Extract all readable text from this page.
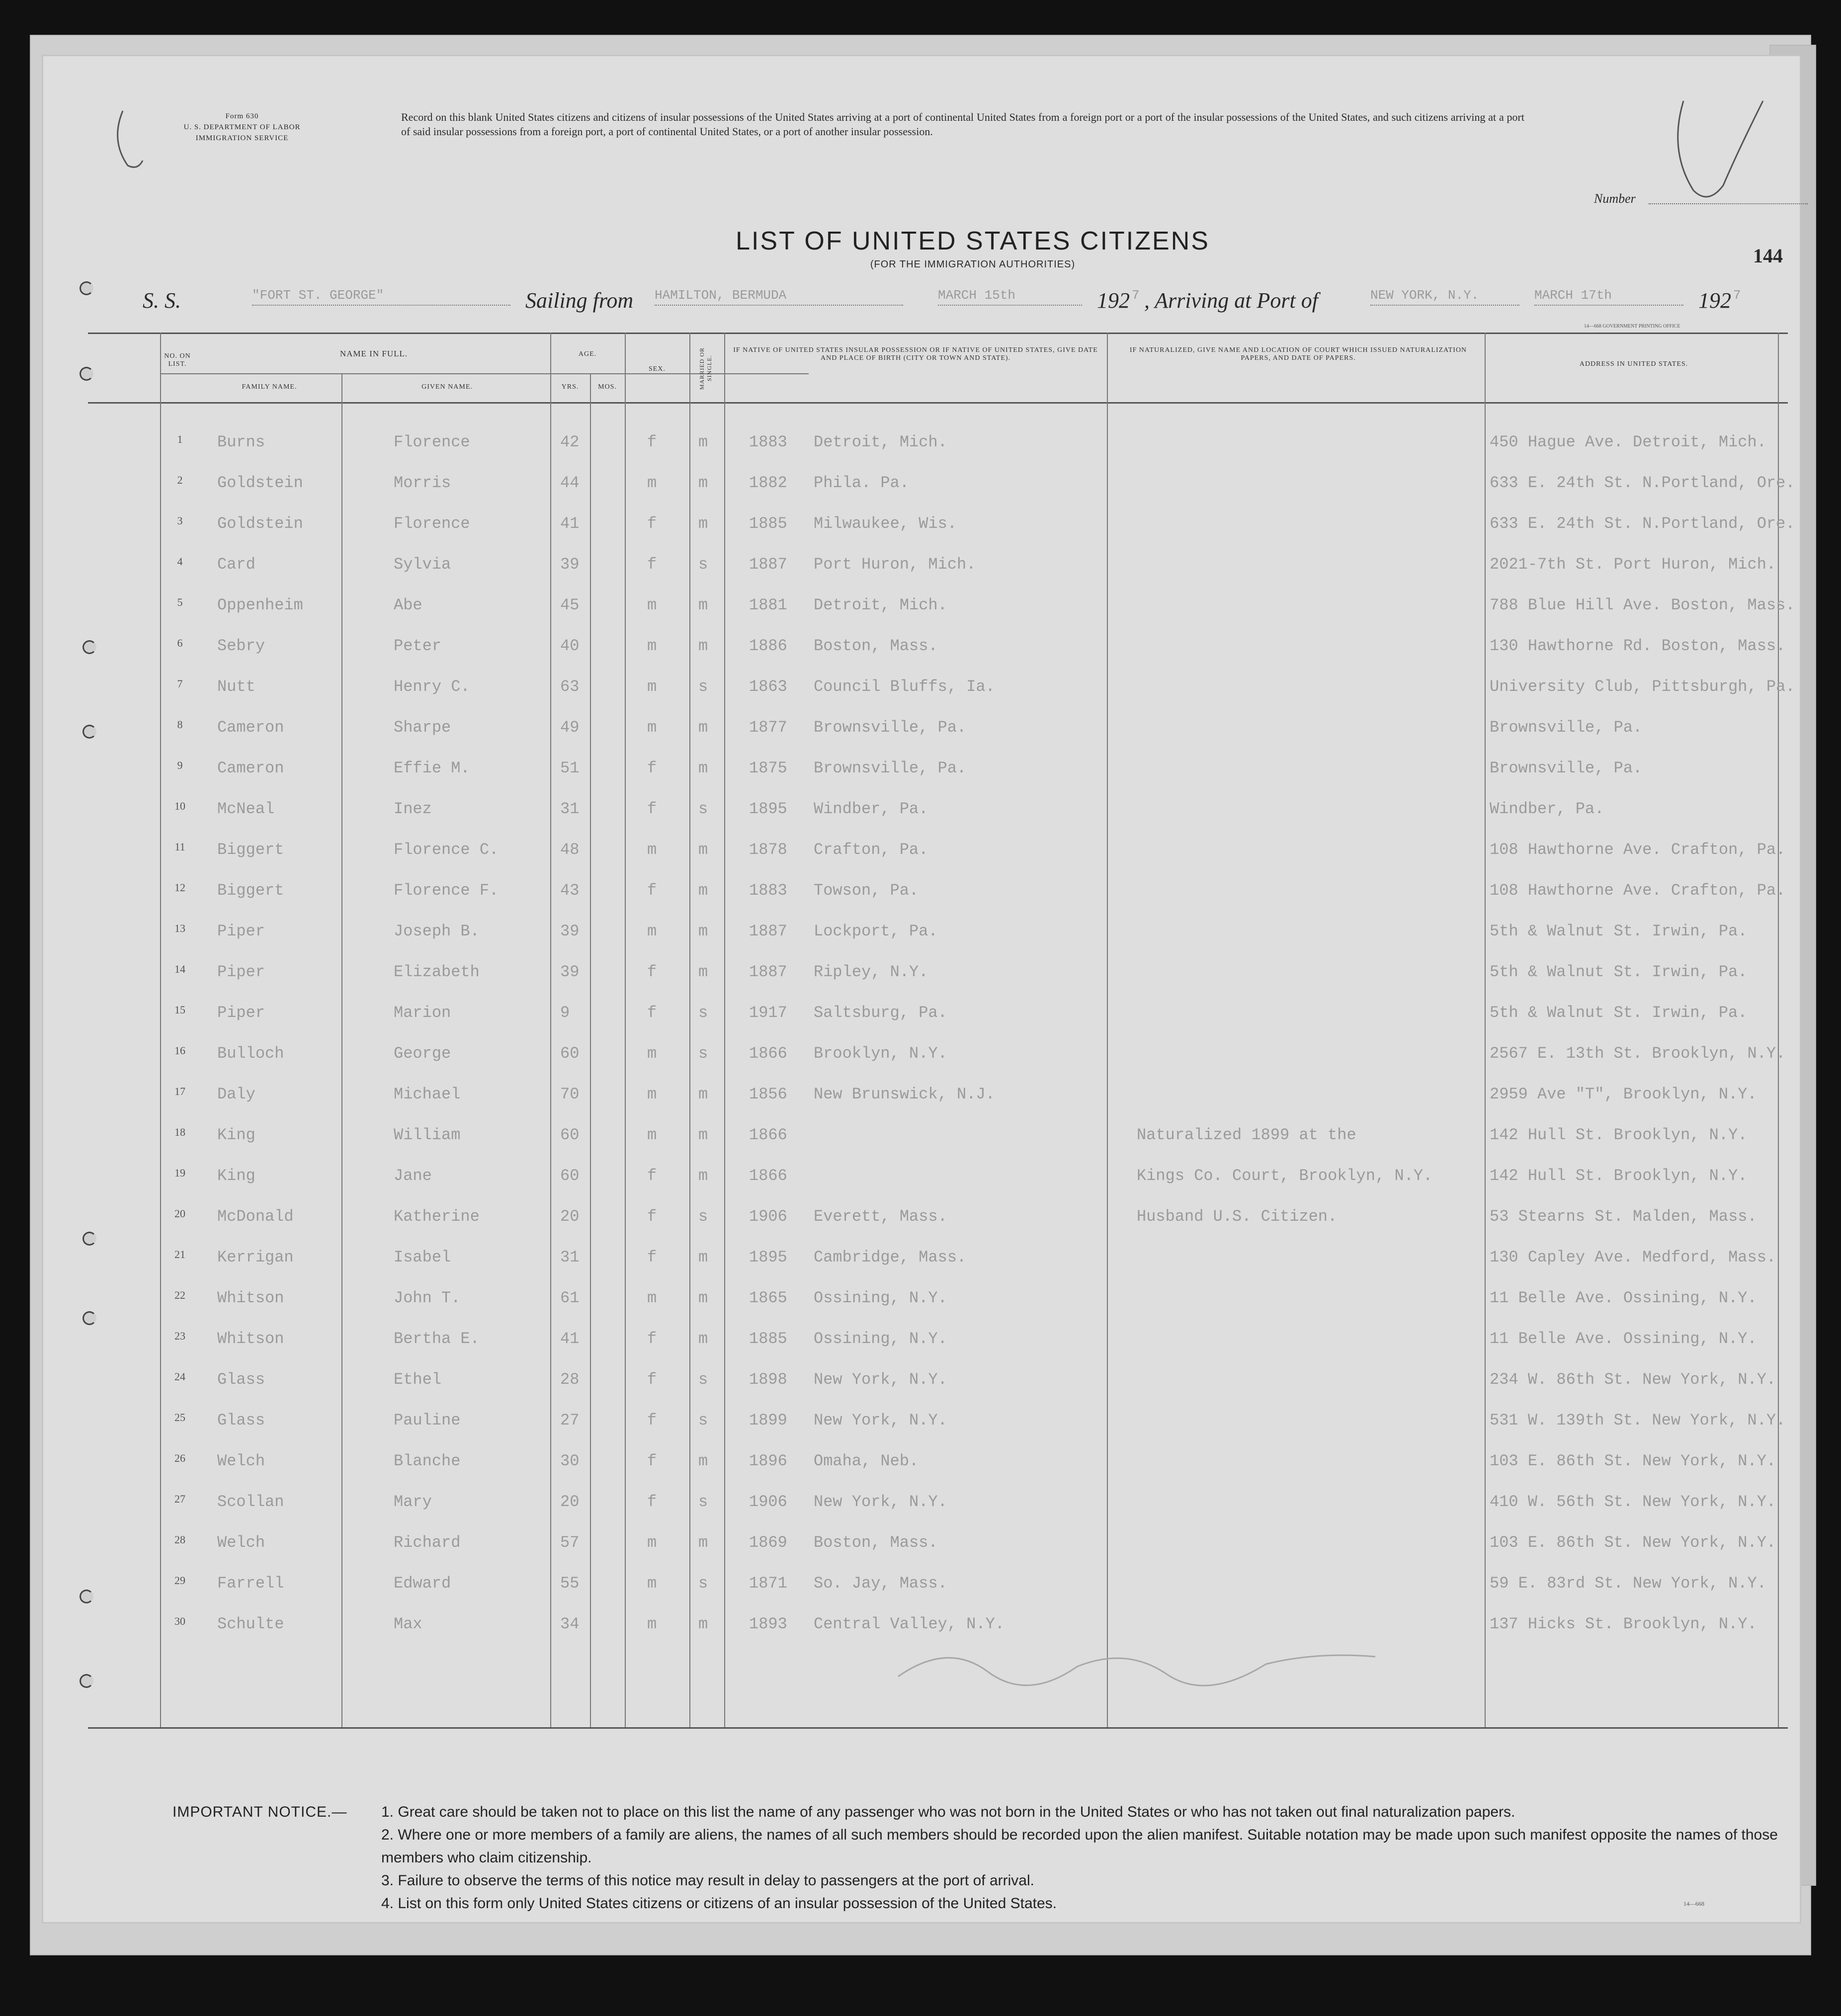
Form 630
U. S. DEPARTMENT OF LABOR
IMMIGRATION SERVICE
Record on this blank United States citizens and citizens of insular possessions of the United States arriving at a port of continental United States from a foreign port or a port of the insular possessions of the United States, and such citizens arriving at a port of said insular possessions from a foreign port, a port of continental United States, or a port of another insular possession.
Number
144
LIST OF UNITED STATES CITIZENS
(FOR THE IMMIGRATION AUTHORITIES)
S. S.	"FORT ST. GEORGE"	Sailing from HAMILTON, BERMUDA	MARCH 15th	192 7 , Arriving at Port of	NEW YORK, N.Y.	MARCH 17th	192 7
14—668 GOVERNMENT PRINTING OFFICE
NO. ON LIST.
NAME IN FULL.
FAMILY NAME.	GIVEN NAME.
AGE.
YRS.	MOS.
SEX.	MARRIED OR SINGLE.
IF NATIVE OF UNITED STATES INSULAR POSSESSION OR IF NATIVE OF UNITED STATES, GIVE DATE AND PLACE OF BIRTH (CITY OR TOWN AND STATE).
IF NATURALIZED, GIVE NAME AND LOCATION OF COURT WHICH ISSUED NATURALIZATION PAPERS, AND DATE OF PAPERS.
ADDRESS IN UNITED STATES.
1	Burns	Florence	42	f	m	1883 Detroit, Mich.	450 Hague Ave. Detroit, Mich.
2	Goldstein	Morris	44	m	m	1882 Phila. Pa.	633 E. 24th St. N.Portland, Ore.
3	Goldstein	Florence	41	f	m	1885 Milwaukee, Wis.	633 E. 24th St. N.Portland, Ore.
4	Card	Sylvia	39	f	s	1887 Port Huron, Mich.	2021-7th St. Port Huron, Mich.
5	Oppenheim	Abe	45	m	m	1881 Detroit, Mich.	788 Blue Hill Ave. Boston, Mass.
6	Sebry	Peter	40	m	m	1886 Boston, Mass.	130 Hawthorne Rd. Boston, Mass.
7	Nutt	Henry C.	63	m	s	1863 Council Bluffs, Ia.	University Club, Pittsburgh, Pa.
8	Cameron	Sharpe	49	m	m	1877 Brownsville, Pa.	Brownsville, Pa.
9	Cameron	Effie M.	51	f	m	1875 Brownsville, Pa.	Brownsville, Pa.
10	McNeal	Inez	31	f	s	1895 Windber, Pa.	Windber, Pa.
11	Biggert	Florence C.	48	m	m	1878 Crafton, Pa.	108 Hawthorne Ave. Crafton, Pa.
12	Biggert	Florence F.	43	f	m	1883 Towson, Pa.	108 Hawthorne Ave. Crafton, Pa.
13	Piper	Joseph B.	39	m	m	1887 Lockport, Pa.	5th & Walnut St. Irwin, Pa.
14	Piper	Elizabeth	39	f	m	1887 Ripley, N.Y.	5th & Walnut St. Irwin, Pa.
15	Piper	Marion	9	f	s	1917 Saltsburg, Pa.	5th & Walnut St. Irwin, Pa.
16	Bulloch	George	60	m	s	1866 Brooklyn, N.Y.	2567 E. 13th St. Brooklyn, N.Y.
17	Daly	Michael	70	m	m	1856 New Brunswick, N.J.	2959 Ave "T", Brooklyn, N.Y.
18	King	William	60	m	m	1866	Naturalized 1899 at the	142 Hull St. Brooklyn, N.Y.
19	King	Jane	60	f	m	1866	Kings Co. Court, Brooklyn, N.Y.	142 Hull St. Brooklyn, N.Y.
20	McDonald	Katherine	20	f	s	1906 Everett, Mass.	Husband U.S. Citizen.	53 Stearns St. Malden, Mass.
21	Kerrigan	Isabel	31	f	m	1895 Cambridge, Mass.	130 Capley Ave. Medford, Mass.
22	Whitson	John T.	61	m	m	1865 Ossining, N.Y.	11 Belle Ave. Ossining, N.Y.
23	Whitson	Bertha E.	41	f	m	1885 Ossining, N.Y.	11 Belle Ave. Ossining, N.Y.
24	Glass	Ethel	28	f	s	1898 New York, N.Y.	234 W. 86th St. New York, N.Y.
25	Glass	Pauline	27	f	s	1899 New York, N.Y.	531 W. 139th St. New York, N.Y.
26	Welch	Blanche	30	f	m	1896 Omaha, Neb.	103 E. 86th St. New York, N.Y.
27	Scollan	Mary	20	f	s	1906 New York, N.Y.	410 W. 56th St. New York, N.Y.
28	Welch	Richard	57	m	m	1869 Boston, Mass.	103 E. 86th St. New York, N.Y.
29	Farrell	Edward	55	m	s	1871 So. Jay, Mass.	59 E. 83rd St. New York, N.Y.
30	Schulte	Max	34	m	m	1893 Central Valley, N.Y.	137 Hicks St. Brooklyn, N.Y.
IMPORTANT NOTICE.— 1. Great care should be taken not to place on this list the name of any passenger who was not born in the United States or who has not taken out final naturalization papers.
2. Where one or more members of a family are aliens, the names of all such members should be recorded upon the alien manifest. Suitable notation may be made upon such manifest opposite the names of those members who claim citizenship.
3. Failure to observe the terms of this notice may result in delay to passengers at the port of arrival.
4. List on this form only United States citizens or citizens of an insular possession of the United States.	14—668
